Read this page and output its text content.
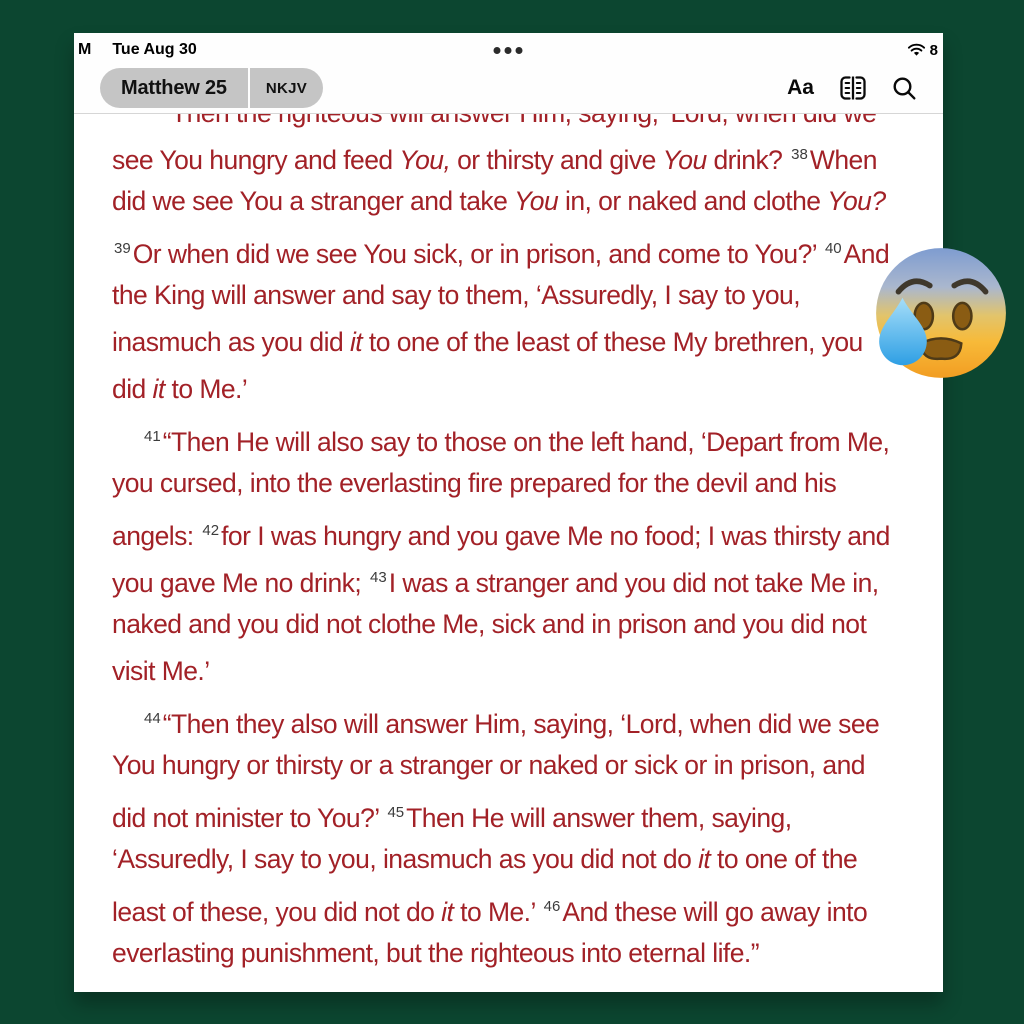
see You hungry and feed You, or thirsty and give You drink? $^{38}$When
did we see You a stranger and take You in, or naked and clothe You?
$^{39}$Or when did we see You sick, or in prison, and come to You?’ $^{40}$And
the King will answer and say to them, ‘Assuredly, I say to you,
inasmuch as you did it to one of the least of these My brethren, you
did it to Me.’
$^{41}$“Then He will also say to those on the left hand, ‘Depart from Me,
you cursed, into the everlasting fire prepared for the devil and his
angels: $^{42}$for I was hungry and you gave Me no food; I was thirsty and
you gave Me no drink; $^{43}$I was a stranger and you did not take Me in,
naked and you did not clothe Me, sick and in prison and you did not
visit Me.’
$^{44}$“Then they also will answer Him, saying, ‘Lord, when did we see
You hungry or thirsty or a stranger or naked or sick or in prison, and
did not minister to You?’ $^{45}$Then He will answer them, saying,
‘Assuredly, I say to you, inasmuch as you did not do it to one of the
least of these, you did not do it to Me.’ $^{46}$And these will go away into
everlasting punishment, but the righteous into eternal life.”
M Tue Aug 30	8
Matthew 25	NKJV	Aa
